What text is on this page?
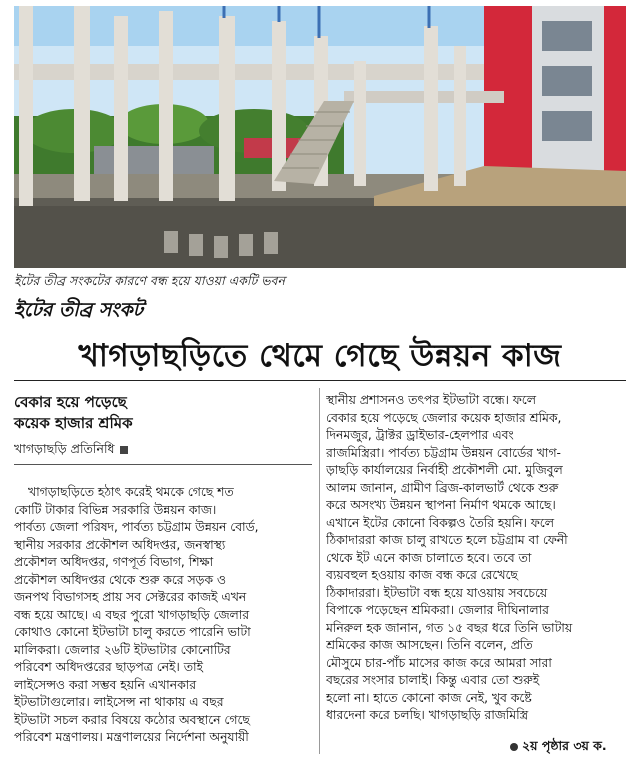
ইটের তীব্র সংকটের কারণে বন্ধ হয়ে যাওয়া একটি ভবন
ইটের তীব্র সংকট
খাগড়াছড়িতে থেমে গেছে উন্নয়ন কাজ
বেকার হয়ে পড়েছে
কয়েক হাজার শ্রমিক
খাগড়াছড়ি প্রতিনিধি
খাগড়াছড়িতে হঠাৎ করেই থমকে গেছে শত
কোটি টাকার বিভিন্ন সরকারি উন্নয়ন কাজ।
পার্বত্য জেলা পরিষদ, পার্বত্য চট্টগ্রাম উন্নয়ন বোর্ড,
স্থানীয় সরকার প্রকৌশল অধিদপ্তর, জনস্বাস্থ্য
প্রকৌশল অধিদপ্তর, গণপূর্ত বিভাগ, শিক্ষা
প্রকৌশল অধিদপ্তর থেকে শুরু করে সড়ক ও
জনপথ বিভাগসহ প্রায় সব সেক্টরের কাজই এখন
বন্ধ হয়ে আছে। এ বছর পুরো খাগড়াছড়ি জেলার
কোথাও কোনো ইটভাটা চালু করতে পারেনি ভাটা
মালিকরা। জেলার ২৬টি ইটভাটার কোনোটির
পরিবেশ অধিদপ্তরের ছাড়পত্র নেই। তাই
লাইসেন্সও করা সম্ভব হয়নি এখানকার
ইটভাটাগুলোর। লাইসেন্স না থাকায় এ বছর
ইটভাটা সচল করার বিষয়ে কঠোর অবস্থানে গেছে
পরিবেশ মন্ত্রণালয়। মন্ত্রণালয়ের নির্দেশনা অনুযায়ী
স্থানীয় প্রশাসনও তৎপর ইটভাটা বন্ধে। ফলে
বেকার হয়ে পড়েছে জেলার কয়েক হাজার শ্রমিক,
দিনমজুর, ট্রাক্টর ড্রাইভার-হেলপার এবং
রাজমিস্ত্রিরা। পার্বত্য চট্টগ্রাম উন্নয়ন বোর্ডের খাগ-
ড়াছড়ি কার্যালয়ের নির্বাহী প্রকৌশলী মো. মুজিবুল
আলম জানান, গ্রামীণ ব্রিজ-কালভার্ট থেকে শুরু
করে অসংখ্য উন্নয়ন স্থাপনা নির্মাণ থমকে আছে।
এখানে ইটের কোনো বিকল্পও তৈরি হয়নি। ফলে
ঠিকাদাররা কাজ চালু রাখতে হলে চট্টগ্রাম বা ফেনী
থেকে ইট এনে কাজ চালাতে হবে। তবে তা
ব্যয়বহুল হওয়ায় কাজ বন্ধ করে রেখেছে
ঠিকাদাররা। ইটভাটা বন্ধ হয়ে যাওয়ায় সবচেয়ে
বিপাকে পড়েছেন শ্রমিকরা। জেলার দীঘিনালার
মনিরুল হক জানান, গত ১৫ বছর ধরে তিনি ভাটায়
শ্রমিকের কাজ আসছেন। তিনি বলেন, প্রতি
মৌসুমে চার-পাঁচ মাসের কাজ করে আমরা সারা
বছরের সংসার চালাই। কিন্তু এবার তো শুরুই
হলো না। হাতে কোনো কাজ নেই, খুব কষ্টে
ধারদেনা করে চলছি। খাগড়াছড়ি রাজমিস্ত্রি
২য় পৃষ্ঠার ৩য় ক.
